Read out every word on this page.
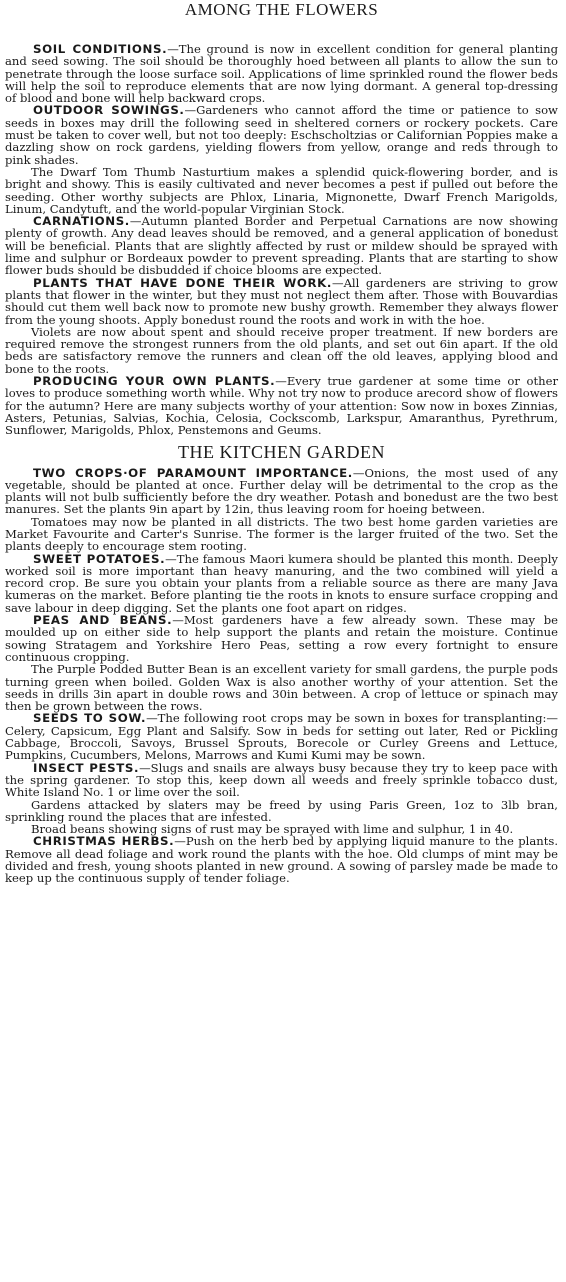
AMONG THE FLOWERS

SOIL CONDITIONS.—The ground is now in excellent condition for general planting and seed sowing. The soil should be thoroughly hoed between all plants to allow the sun to penetrate through the loose surface soil. Applications of lime sprinkled round the flower beds will help the soil to reproduce elements that are now lying dormant. A general top-dressing of blood and bone will help backward crops.

OUTDOOR SOWINGS.—Gardeners who cannot afford the time or patience to sow seeds in boxes may drill the following seed in sheltered corners or rockery pockets. Care must be taken to cover well, but not too deeply: Eschscholtzias or Californian Poppies make a dazzling show on rock gardens, yielding flowers from yellow, orange and reds through to pink shades.

The Dwarf Tom Thumb Nasturtium makes a splendid quick-flowering border, and is bright and showy. This is easily cultivated and never becomes a pest if pulled out before the seeding. Other worthy subjects are Phlox, Linaria, Mignonette, Dwarf French Marigolds, Linum, Candytuft, and the world-popular Virginian Stock.

CARNATIONS.—Autumn planted Border and Perpetual Carnations are now showing plenty of growth. Any dead leaves should be removed, and a general application of bonedust will be beneficial. Plants that are slightly affected by rust or mildew should be sprayed with lime and sulphur or Bordeaux powder to prevent spreading. Plants that are starting to show flower buds should be disbudded if choice blooms are expected.

PLANTS THAT HAVE DONE THEIR WORK.—All gardeners are striving to grow plants that flower in the winter, but they must not neglect them after. Those with Bouvardias should cut them well back now to promote new bushy growth. Remember they always flower from the young shoots. Apply bonedust round the roots and work in with the hoe.

Violets are now about spent and should receive proper treatment. If new borders are required remove the strongest runners from the old plants, and set out 6in apart. If the old beds are satisfactory remove the runners and clean off the old leaves, applying blood and bone to the roots.

PRODUCING YOUR OWN PLANTS.—Every true gardener at some time or other loves to produce something worth while. Why not try now to produce arecord show of flowers for the autumn? Here are many subjects worthy of your attention: Sow now in boxes Zinnias, Asters, Petunias, Salvias, Kochia, Celosia, Cockscomb, Larkspur, Amaranthus, Pyrethrum, Sunflower, Marigolds, Phlox, Penstemons and Geums.

THE KITCHEN GARDEN

TWO CROPS·OF PARAMOUNT IMPORTANCE.—Onions, the most used of any vegetable, should be planted at once. Further delay will be detrimental to the crop as the plants will not bulb sufficiently before the dry weather. Potash and bonedust are the two best manures. Set the plants 9in apart by 12in, thus leaving room for hoeing between.

Tomatoes may now be planted in all districts. The two best home garden varieties are Market Favourite and Carter's Sunrise. The former is the larger fruited of the two. Set the plants deeply to encourage stem rooting.

SWEET POTATOES.—The famous Maori kumera should be planted this month. Deeply worked soil is more important than heavy manuring, and the two combined will yield a record crop. Be sure you obtain your plants from a reliable source as there are many Java kumeras on the market. Before planting tie the roots in knots to ensure surface cropping and save labour in deep digging. Set the plants one foot apart on ridges.

PEAS AND BEANS.—Most gardeners have a few already sown. These may be moulded up on either side to help support the plants and retain the moisture. Continue sowing Stratagem and Yorkshire Hero Peas, setting a row every fortnight to ensure continuous cropping.

The Purple Podded Butter Bean is an excellent variety for small gardens, the purple pods turning green when boiled. Golden Wax is also another worthy of your attention. Set the seeds in drills 3in apart in double rows and 30in between. A crop of lettuce or spinach may then be grown between the rows.

SEEDS TO SOW.—The following root crops may be sown in boxes for transplanting:—Celery, Capsicum, Egg Plant and Salsify. Sow in beds for setting out later, Red or Pickling Cabbage, Broccoli, Savoys, Brussel Sprouts, Borecole or Curley Greens and Lettuce, Pumpkins, Cucumbers, Melons, Marrows and Kumi Kumi may be sown.

INSECT PESTS.—Slugs and snails are always busy because they try to keep pace with the spring gardener. To stop this, keep down all weeds and freely sprinkle tobacco dust, White Island No. 1 or lime over the soil.

Gardens attacked by slaters may be freed by using Paris Green, 1oz to 3lb bran, sprinkling round the places that are infested.

Broad beans showing signs of rust may be sprayed with lime and sulphur, 1 in 40.

CHRISTMAS HERBS.—Push on the herb bed by applying liquid manure to the plants. Remove all dead foliage and work round the plants with the hoe. Old clumps of mint may be divided and fresh, young shoots planted in new ground. A sowing of parsley made be made to keep up the continuous supply of tender foliage.
